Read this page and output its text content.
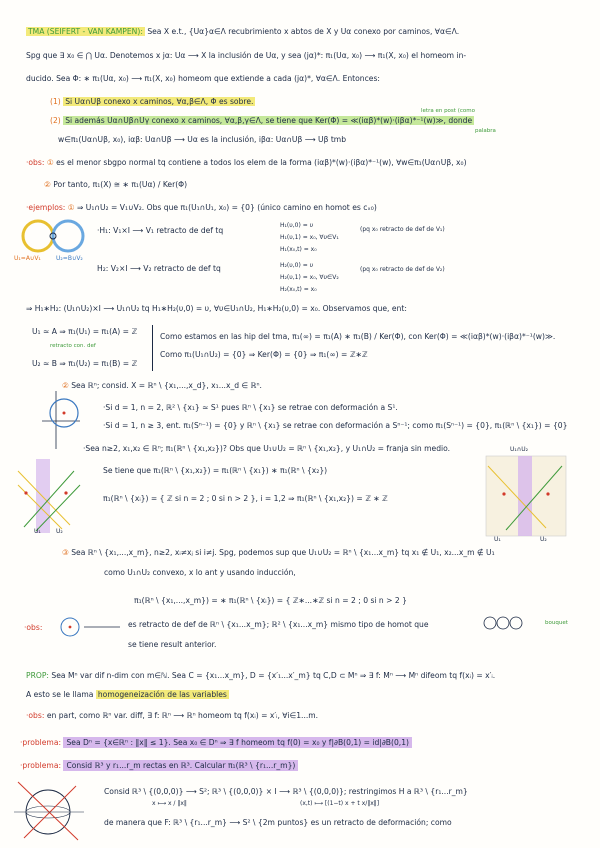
TMA (SEIFERT - VAN KAMPEN): Sea X e.t., {Uα}α∈Λ recubrimiento x abtos de X y Uα conexo por caminos, ∀α∈Λ.
Spg que ∃ x₀ ∈ ⋂ Uα. Denotemos x jα: Uα ⟶ X la inclusión de Uα, y sea (jα)*: π₁(Uα, x₀) ⟶ π₁(X, x₀) el homeom in-
ducido. Sea Φ: ∗ π₁(Uα, x₀) ⟶ π₁(X, x₀) homeom que extiende a cada (jα)*, ∀α∈Λ. Entonces:
(1) Si Uα∩Uβ conexo x caminos, ∀α,β∈Λ, Φ es sobre.
letra en post (como
(2) Si además Uα∩Uβ∩Uγ conexo x caminos, ∀α,β,γ∈Λ, se tiene que Ker(Φ) = ≪(iαβ)*(w)·(iβα)*⁻¹(w)≫, donde
palabra
w∈π₁(Uα∩Uβ, x₀), iαβ: Uα∩Uβ ⟶ Uα es la inclusión, iβα: Uα∩Uβ ⟶ Uβ tmb
·obs: ① es el menor sbgpo normal tq contiene a todos los elem de la forma (iαβ)*(w)·(iβα)*⁻¹(w), ∀w∈π₁(Uα∩Uβ, x₀)
② Por tanto, π₁(X) ≅ ∗ π₁(Uα) / Ker(Φ)
·ejemplos: ① ⇒ U₁∩U₂ = V₁∪V₂. Obs que π₁(U₁∩U₁, x₀) = {0} (único camino en homot es cₓ₀)
U₁=A∪V₁	U₂=B∪V₂
·H₁: V₁×I ⟶ V₁ retracto de def tq
H₁(υ,0) = υ
H₁(υ,1) = x₀, ∀υ∈V₁
H₁(x₀,t) = x₀
(pq x₀ retracto de def de V₁)
H₂: V₂×I ⟶ V₂ retracto de def tq	H₂(υ,0) = υ
H₂(υ,1) = x₀, ∀υ∈V₂
H₂(x₀,t) = x₀
(pq x₀ retracto de def de V₂)
⇒ H₁∗H₂: (U₁∩U₂)×I ⟶ U₁∩U₂ tq H₁∗H₂(υ,0) = υ, ∀υ∈U₁∩U₂, H₁∗H₂(υ,0) = x₀. Observamos que, ent:
U₁ ≃ A ⇒ π₁(U₁) = π₁(A) = ℤ
retracto con. def
U₂ ≃ B ⇒ π₁(U₂) = π₁(B) = ℤ
Como estamos en las hip del tma, π₁(∞) = π₁(A) ∗ π₁(B) / Ker(Φ), con Ker(Φ) = ≪(iαβ)*(w)·(iβα)*⁻¹(w)≫.
Como π₁(U₁∩U₂) = {0} ⇒ Ker(Φ) = {0} ⇒ π₁(∞) = ℤ∗ℤ
② Sea ℝⁿ; consid. X = ℝⁿ \ {x₁,...,x_d}, x₁...x_d ∈ ℝⁿ.
·Si d = 1, n = 2, ℝ² \ {x₁} ≃ S¹ pues ℝⁿ \ {x₁} se retrae con deformación a S¹.
·Si d = 1, n ≥ 3, ent. π₁(Sⁿ⁻¹) = {0} y ℝⁿ \ {x₁} se retrae con deformación a Sⁿ⁻¹; como π₁(Sⁿ⁻¹) = {0}, π₁(ℝⁿ \ {x₁}) = {0}
·Sea n≥2, x₁,x₂ ∈ ℝⁿ; π₁(ℝⁿ \ {x₁,x₂})? Obs que U₁∪U₂ = ℝⁿ \ {x₁,x₂}, y U₁∩U₂ = franja sin medio.
U₁	U₂
Se tiene que π₁(ℝⁿ \ {x₁,x₂}) = π₁(ℝⁿ \ {x₁}) ∗ π₁(ℝⁿ \ {x₂})
π₁(ℝⁿ \ {xᵢ}) = { ℤ si n = 2 ; 0 si n > 2 }, i = 1,2 ⇒ π₁(ℝⁿ \ {x₁,x₂}) = ℤ ∗ ℤ
U₁∩U₂
U₁	U₂
③ Sea ℝⁿ \ {x₁,...,x_m}, n≥2, xᵢ≠xⱼ si i≠j. Spg, podemos sup que U₁∪U₂ = ℝⁿ \ {x₁...x_m} tq x₁ ∉ U₁, x₂...x_m ∉ U₁
como U₁∩U₂ convexo, x lo ant y usando inducción,
π₁(ℝⁿ \ {x₁,...,x_m}) = ∗ π₁(ℝⁿ \ {xᵢ}) = { ℤ∗...∗ℤ si n = 2 ; 0 si n > 2 }
·obs:	es retracto de def de ℝⁿ \ {x₁...x_m}; ℝ² \ {x₁...x_m} mismo tipo de homot que	bouquet
se tiene result anterior.
PROP: Sea Mⁿ var dif n-dim con m∈ℕ. Sea C = {x₁...x_m}, D = {x′₁...x′_m} tq C,D ⊂ Mⁿ ⇒ ∃ f: Mⁿ ⟶ Mⁿ difeom tq f(xᵢ) = x′ᵢ.
A esto se le llama homogeneización de las variables
·obs: en part, como ℝⁿ var. diff, ∃ f: ℝⁿ ⟶ ℝⁿ homeom tq f(xᵢ) = x′ᵢ, ∀i∈1...m.
·problema: Sea Dⁿ = {x∈ℝⁿ : ‖x‖ ≤ 1}. Sea x₀ ∈ Dⁿ ⇒ ∃ f homeom tq f(0) = x₀ y f|∂B(0,1) = id|∂B(0,1)
·problema: Consid ℝ³ y r₁...r_m rectas en ℝ³. Calcular π₁(ℝ³ \ {r₁...r_m})
Consid ℝ³ \ {(0,0,0)} ⟶ S²; ℝ³ \ {(0,0,0)} × I ⟶ ℝ³ \ {(0,0,0)}; restringimos H a ℝ³ \ {r₁...r_m}
x ⟼ x / ‖x‖	(x,t) ⟼ [(1−t) x + t x/‖x‖]
de manera que F: ℝ³ \ {r₁...r_m} ⟶ S² \ {2m puntos} es un retracto de deformación; como
